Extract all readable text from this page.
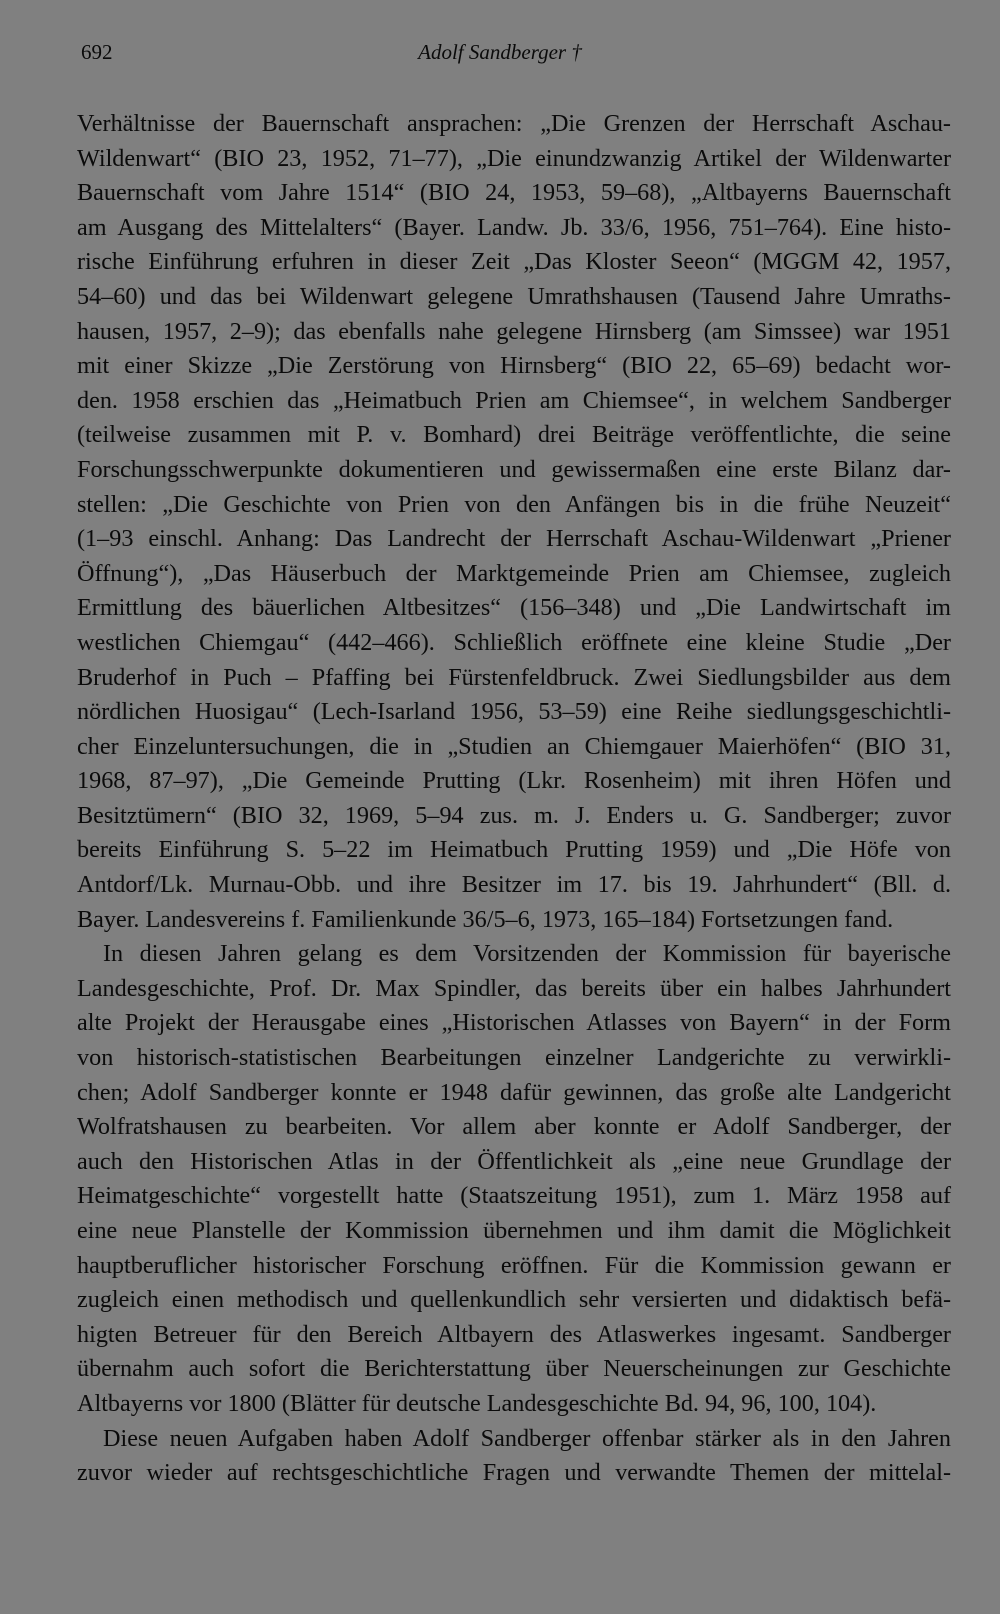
692	Adolf Sandberger †
Verhältnisse der Bauernschaft ansprachen: „Die Grenzen der Herrschaft Aschau-
Wildenwart“ (BIO 23, 1952, 71–77), „Die einundzwanzig Artikel der Wildenwarter
Bauernschaft vom Jahre 1514“ (BIO 24, 1953, 59–68), „Altbayerns Bauernschaft
am Ausgang des Mittelalters“ (Bayer. Landw. Jb. 33/6, 1956, 751–764). Eine histo-
rische Einführung erfuhren in dieser Zeit „Das Kloster Seeon“ (MGGM 42, 1957,
54–60) und das bei Wildenwart gelegene Umrathshausen (Tausend Jahre Umraths-
hausen, 1957, 2–9); das ebenfalls nahe gelegene Hirnsberg (am Simssee) war 1951
mit einer Skizze „Die Zerstörung von Hirnsberg“ (BIO 22, 65–69) bedacht wor-
den. 1958 erschien das „Heimatbuch Prien am Chiemsee“, in welchem Sandberger
(teilweise zusammen mit P. v. Bomhard) drei Beiträge veröffentlichte, die seine
Forschungsschwerpunkte dokumentieren und gewissermaßen eine erste Bilanz dar-
stellen: „Die Geschichte von Prien von den Anfängen bis in die frühe Neuzeit“
(1–93 einschl. Anhang: Das Landrecht der Herrschaft Aschau-Wildenwart „Priener
Öffnung“), „Das Häuserbuch der Marktgemeinde Prien am Chiemsee, zugleich
Ermittlung des bäuerlichen Altbesitzes“ (156–348) und „Die Landwirtschaft im
westlichen Chiemgau“ (442–466). Schließlich eröffnete eine kleine Studie „Der
Bruderhof in Puch – Pfaffing bei Fürstenfeldbruck. Zwei Siedlungsbilder aus dem
nördlichen Huosigau“ (Lech-Isarland 1956, 53–59) eine Reihe siedlungsgeschichtli-
cher Einzeluntersuchungen, die in „Studien an Chiemgauer Maierhöfen“ (BIO 31,
1968, 87–97), „Die Gemeinde Prutting (Lkr. Rosenheim) mit ihren Höfen und
Besitztümern“ (BIO 32, 1969, 5–94 zus. m. J. Enders u. G. Sandberger; zuvor
bereits Einführung S. 5–22 im Heimatbuch Prutting 1959) und „Die Höfe von
Antdorf/Lk. Murnau-Obb. und ihre Besitzer im 17. bis 19. Jahrhundert“ (Bll. d.
Bayer. Landesvereins f. Familienkunde 36/5–6, 1973, 165–184) Fortsetzungen fand.
In diesen Jahren gelang es dem Vorsitzenden der Kommission für bayerische
Landesgeschichte, Prof. Dr. Max Spindler, das bereits über ein halbes Jahrhundert
alte Projekt der Herausgabe eines „Historischen Atlasses von Bayern“ in der Form
von historisch-statistischen Bearbeitungen einzelner Landgerichte zu verwirkli-
chen; Adolf Sandberger konnte er 1948 dafür gewinnen, das große alte Landgericht
Wolfratshausen zu bearbeiten. Vor allem aber konnte er Adolf Sandberger, der
auch den Historischen Atlas in der Öffentlichkeit als „eine neue Grundlage der
Heimatgeschichte“ vorgestellt hatte (Staatszeitung 1951), zum 1. März 1958 auf
eine neue Planstelle der Kommission übernehmen und ihm damit die Möglichkeit
hauptberuflicher historischer Forschung eröffnen. Für die Kommission gewann er
zugleich einen methodisch und quellenkundlich sehr versierten und didaktisch befä-
higten Betreuer für den Bereich Altbayern des Atlaswerkes ingesamt. Sandberger
übernahm auch sofort die Berichterstattung über Neuerscheinungen zur Geschichte
Altbayerns vor 1800 (Blätter für deutsche Landesgeschichte Bd. 94, 96, 100, 104).
Diese neuen Aufgaben haben Adolf Sandberger offenbar stärker als in den Jahren
zuvor wieder auf rechtsgeschichtliche Fragen und verwandte Themen der mittelal-
